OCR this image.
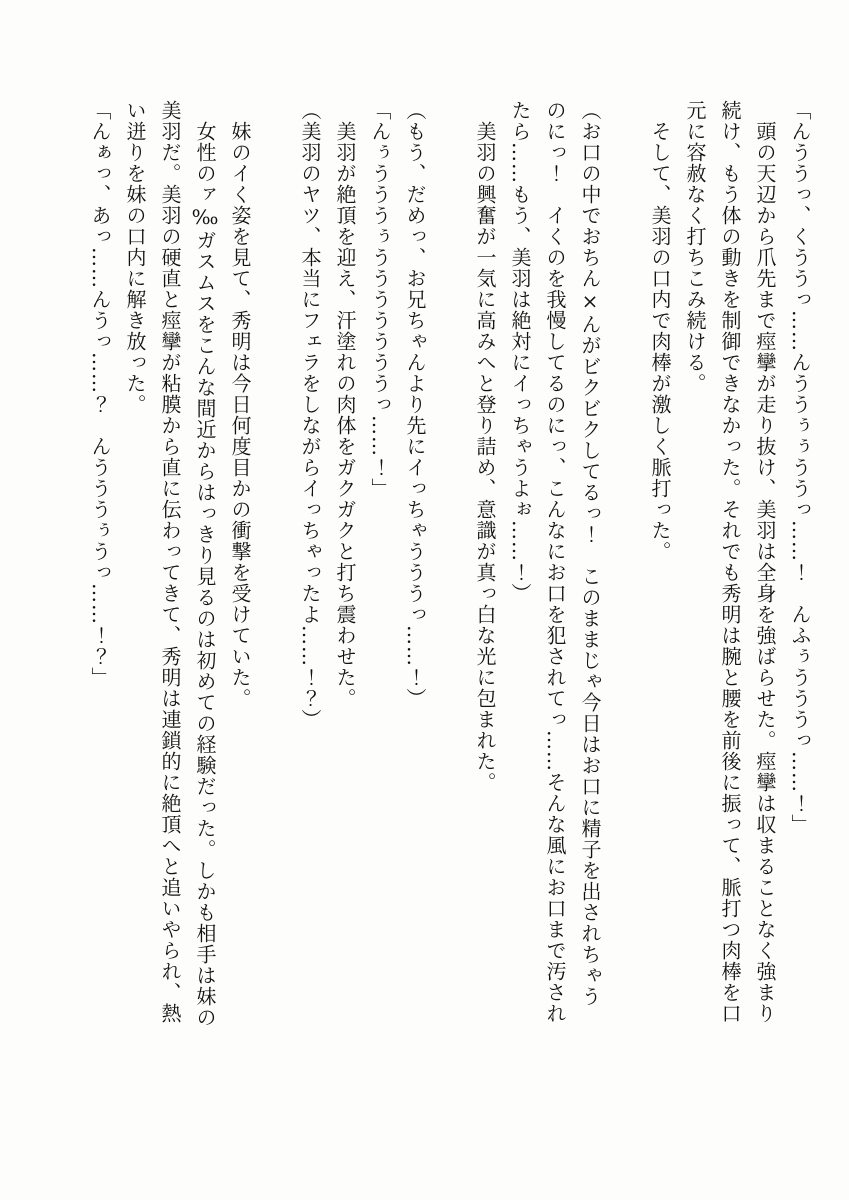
「んううっ、くううっ……んううぅぅううっ……！　んふぅうううっ……！」
　頭の天辺から爪先まで痙攣が走り抜け、美羽は全身を強ばらせた。痙攣は収まることなく強まり
続け、もう体の動きを制御できなかった。それでも秀明は腕と腰を前後に振って、脈打つ肉棒を口
元に容赦なく打ちこみ続ける。
　そして、美羽の口内で肉棒が激しく脈打った。
（お口の中でおちん×んがビクビクしてるっ！　このままじゃ今日はお口に精子を出されちゃう
のにっ！　イくのを我慢してるのにっ、こんなにお口を犯されてっ……そんな風にお口まで汚され
たら……もう、美羽は絶対にイっちゃうよぉ……！）
　美羽の興奮が一気に高みへと登り詰め、意識が真っ白な光に包まれた。
（もう、だめっ、お兄ちゃんより先にイっちゃうううっ……！）
「んぅうううぅうううううううっ……！」
　美羽が絶頂を迎え、汗塗れの肉体をガクガクと打ち震わせた。
（美羽のヤツ、本当にフェラをしながらイっちゃったよ……！？）
　妹のイく姿を見て、秀明は今日何度目かの衝撃を受けていた。
　女性のァ‰ガスムスをこんな間近からはっきり見るのは初めての経験だった。しかも相手は妹の
美羽だ。美羽の硬直と痙攣が粘膜から直に伝わってきて、秀明は連鎖的に絶頂へと追いやられ、熱
い迸りを妹の口内に解き放った。
「んぁっ、あっ……んうっ……？　んうううぅうっ……！？」
